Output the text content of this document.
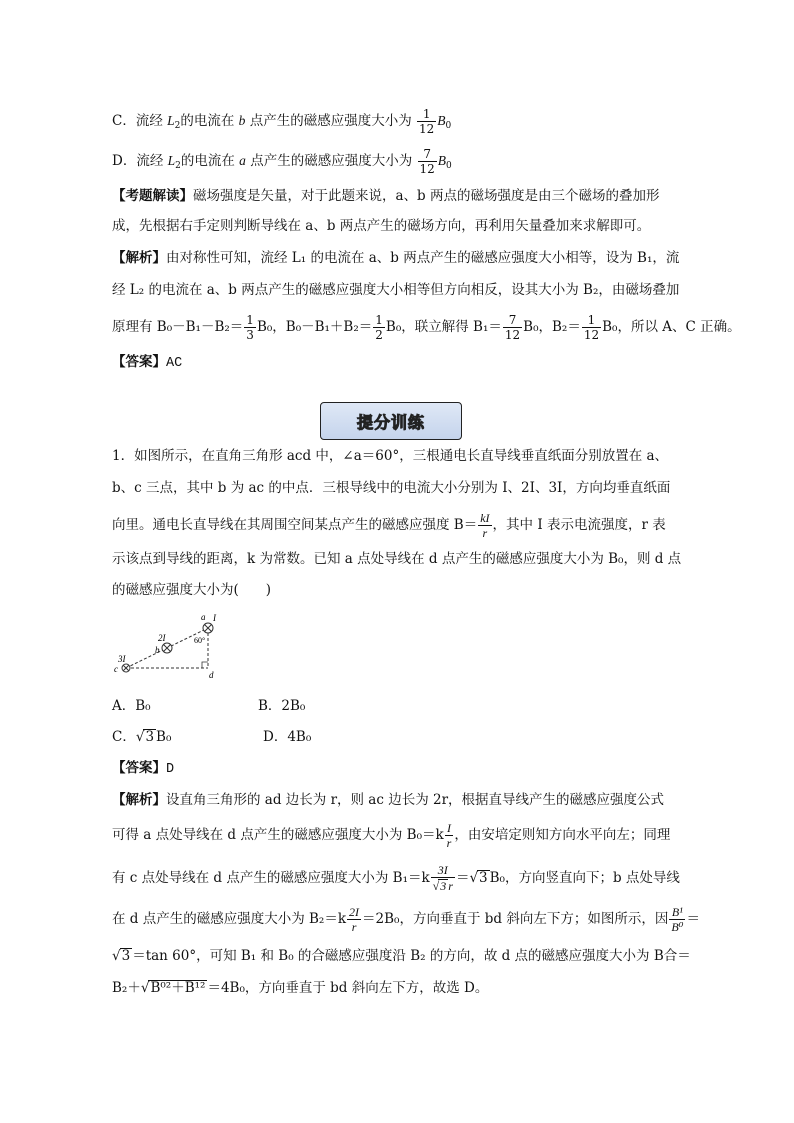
C．流经 $L_2$的电流在 b 点产生的磁感应强度大小为 $\frac{1}{12} B_0$
D．流经 $L_2$的电流在 a 点产生的磁感应强度大小为 $\frac{7}{12} B_0$
【考题解读】磁场强度是矢量，对于此题来说，a、b 两点的磁场强度是由三个磁场的叠加形
成，先根据右手定则判断导线在 a、b 两点产生的磁场方向，再利用矢量叠加来求解即可。
【解析】由对称性可知，流经 L₁ 的电流在 a、b 两点产生的磁感应强度大小相等，设为 B₁，流
经 L₂ 的电流在 a、b 两点产生的磁感应强度大小相等但方向相反，设其大小为 B₂，由磁场叠加
原理有 $B_0-B_1-B_2= \frac{1}{3} B_0$，$B_0-B_1+B_2= \frac{1}{2} B_0$，联立解得 $B_1= \frac{7}{12} B_0$，$B_2= \frac{1}{12} B_0$，所以 A、C 正确。
【答案】AC
提分训练
1．如图所示，在直角三角形 acd 中，∠a＝60°，三根通电长直导线垂直纸面分别放置在 a、
b、c 三点，其中 b 为 ac 的中点．三根导线中的电流大小分别为 I、2I、3I，方向均垂直纸面
向里。通电长直导线在其周围空间某点产生的磁感应强度 $B= \frac{kI}{r}$ ，其中 I 表示电流强度，r 表
示该点到导线的距离，k 为常数。已知 a 点处导线在 d 点产生的磁感应强度大小为 B₀，则 d 点
的磁感应强度大小为(　　)
a I
b
2I
c
3I
d
60°
A．B₀	B．2B₀
C．√3 B₀	D．4B₀
【答案】D
【解析】设直角三角形的 ad 边长为 r，则 ac 边长为 2r，根据直导线产生的磁感应强度公式
可得 a 点处导线在 d 点产生的磁感应强度大小为 $B_0=k \frac{I}{r}$ ，由安培定则知方向水平向左；同理
有 c 点处导线在 d 点产生的磁感应强度大小为 $B_1=k \frac{3I}{√3 r} =√3$ B₀，方向竖直向下；b 点处导线
在 d 点产生的磁感应强度大小为 $B_2=k \frac{2I}{r} =2B_0$，方向垂直于 bd 斜向左下方；如图所示，因 $\frac{\text{B¹}}{\text{B⁰}}$ ＝
√3 ＝tan 60°，可知 B₁ 和 B₀ 的合磁感应强度沿 B₂ 的方向，故 d 点的磁感应强度大小为 B合＝
B₂＋√B⁰²＋B¹² ＝4B₀，方向垂直于 bd 斜向左下方，故选 D。
